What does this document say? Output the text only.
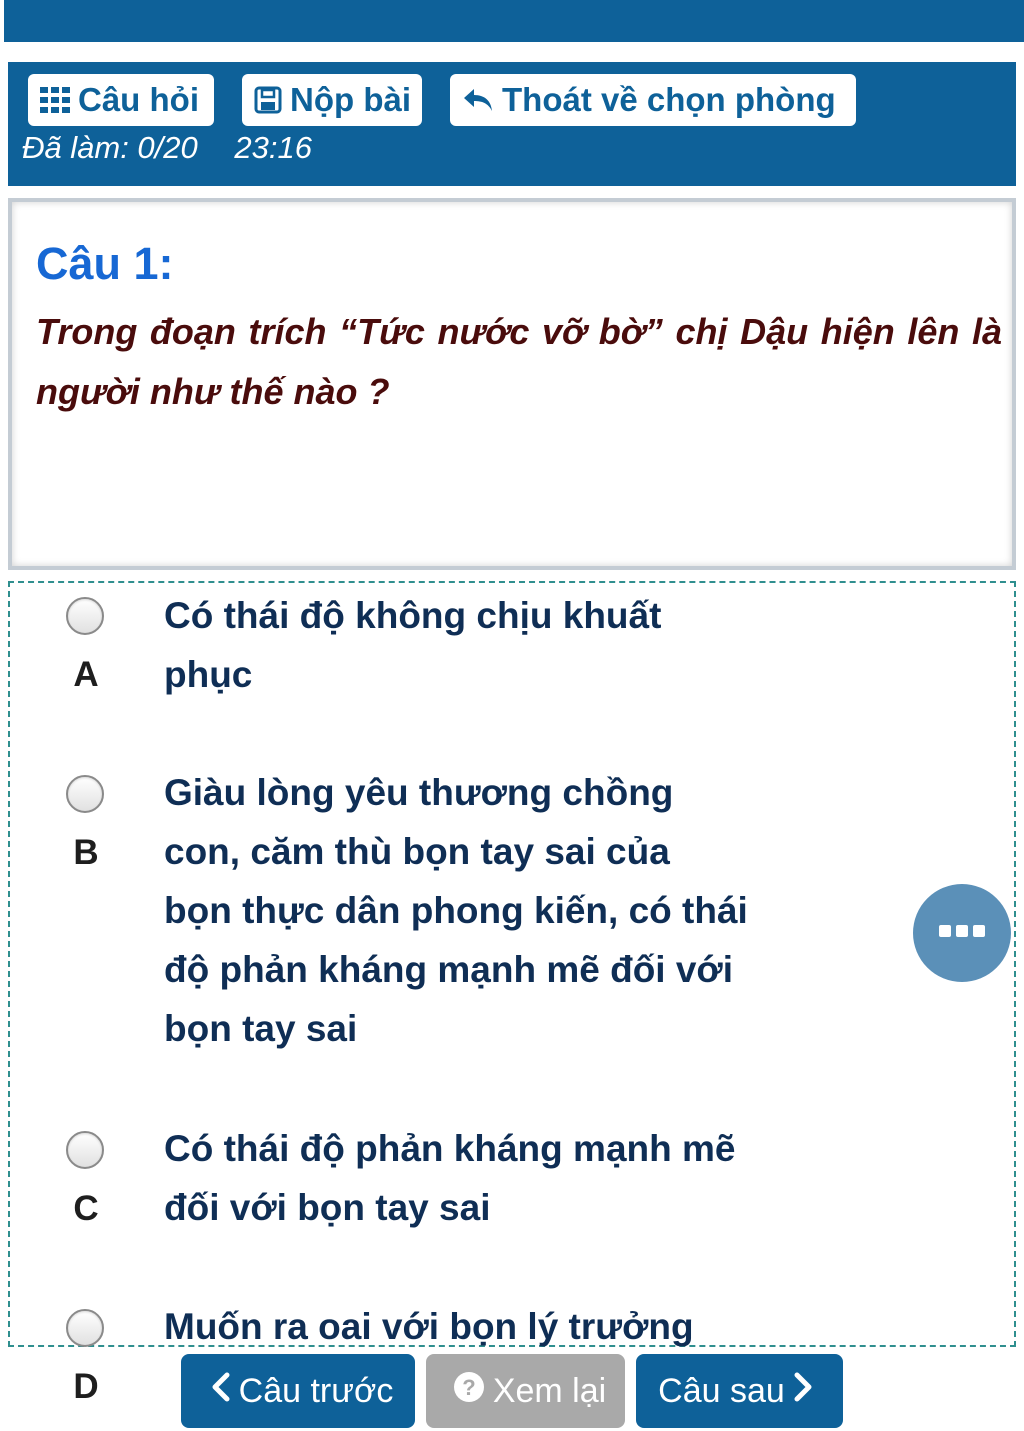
Câu hỏi	Nộp bài	Thoát về chọn phòng
Đã làm: 0/20 23:16
Câu 1:
Trong đoạn trích “Tức nước vỡ bờ” chị Dậu hiện lên là người như thế nào ?
A
Có thái độ không chịu khuất
phục
B
Giàu lòng yêu thương chồng
con, căm thù bọn tay sai của
bọn thực dân phong kiến, có thái
độ phản kháng mạnh mẽ đối với
bọn tay sai
C
Có thái độ phản kháng mạnh mẽ
đối với bọn tay sai
D
Muốn ra oai với bọn lý trưởng
Câu trước	? Xem lại Câu sau
